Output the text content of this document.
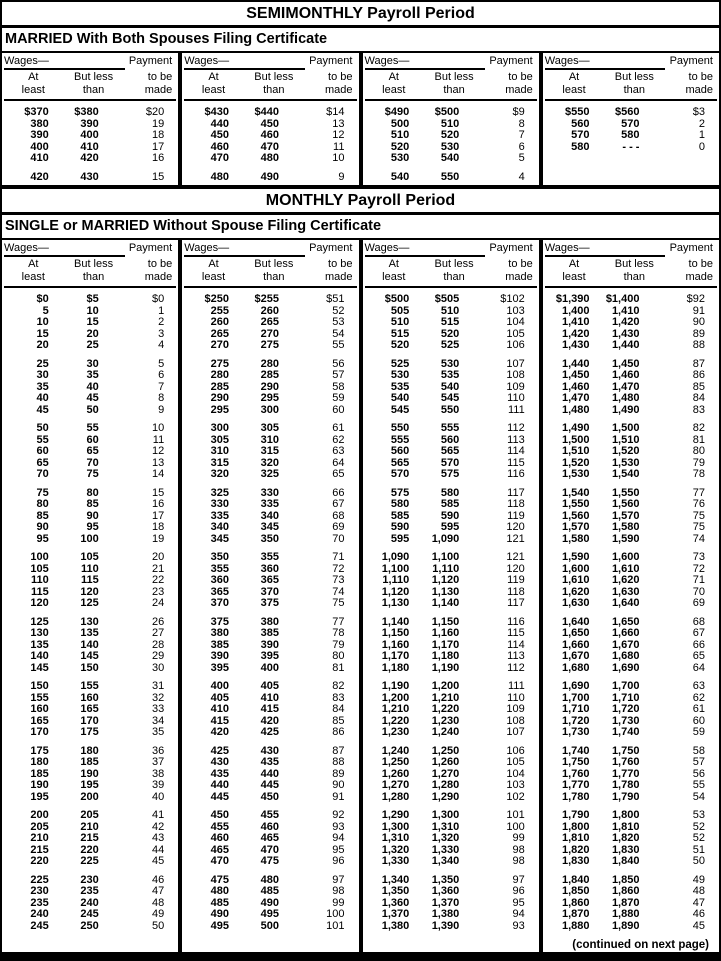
SEMIMONTHLY Payroll Period
MARRIED With Both Spouses Filing Certificate
Wages—	Payment
At
least
But less
than
to be
made
$370	$380	$20
380	390	19
390	400	18
400	410	17
410	420	16
420	430	15
Wages—	Payment
At
least
But less
than
to be
made
$430	$440	$14
440	450	13
450	460	12
460	470	11
470	480	10
480	490	9
Wages—	Payment
At
least
But less
than
to be
made
$490	$500	$9
500	510	8
510	520	7
520	530	6
530	540	5
540	550	4
Wages—	Payment
At
least
But less
than
to be
made
$550	$560	$3
560	570	2
570	580	1
580	- - -	0
MONTHLY Payroll Period
SINGLE or MARRIED Without Spouse Filing Certificate
(continued on next page)
Wages—	Payment
At
least
But less
than
to be
made
$0	$5	$0
5	10	1
10	15	2
15	20	3
20	25	4
25	30	5
30	35	6
35	40	7
40	45	8
45	50	9
50	55	10
55	60	11
60	65	12
65	70	13
70	75	14
75	80	15
80	85	16
85	90	17
90	95	18
95	100	19
100	105	20
105	110	21
110	115	22
115	120	23
120	125	24
125	130	26
130	135	27
135	140	28
140	145	29
145	150	30
150	155	31
155	160	32
160	165	33
165	170	34
170	175	35
175	180	36
180	185	37
185	190	38
190	195	39
195	200	40
200	205	41
205	210	42
210	215	43
215	220	44
220	225	45
225	230	46
230	235	47
235	240	48
240	245	49
245	250	50
Wages—	Payment
At
least
But less
than
to be
made
$250	$255	$51
255	260	52
260	265	53
265	270	54
270	275	55
275	280	56
280	285	57
285	290	58
290	295	59
295	300	60
300	305	61
305	310	62
310	315	63
315	320	64
320	325	65
325	330	66
330	335	67
335	340	68
340	345	69
345	350	70
350	355	71
355	360	72
360	365	73
365	370	74
370	375	75
375	380	77
380	385	78
385	390	79
390	395	80
395	400	81
400	405	82
405	410	83
410	415	84
415	420	85
420	425	86
425	430	87
430	435	88
435	440	89
440	445	90
445	450	91
450	455	92
455	460	93
460	465	94
465	470	95
470	475	96
475	480	97
480	485	98
485	490	99
490	495	100
495	500	101
Wages—	Payment
At
least
But less
than
to be
made
$500	$505	$102
505	510	103
510	515	104
515	520	105
520	525	106
525	530	107
530	535	108
535	540	109
540	545	110
545	550	111
550	555	112
555	560	113
560	565	114
565	570	115
570	575	116
575	580	117
580	585	118
585	590	119
590	595	120
595	1,090	121
1,090	1,100	121
1,100	1,110	120
1,110	1,120	119
1,120	1,130	118
1,130	1,140	117
1,140	1,150	116
1,150	1,160	115
1,160	1,170	114
1,170	1,180	113
1,180	1,190	112
1,190	1,200	111
1,200	1,210	110
1,210	1,220	109
1,220	1,230	108
1,230	1,240	107
1,240	1,250	106
1,250	1,260	105
1,260	1,270	104
1,270	1,280	103
1,280	1,290	102
1,290	1,300	101
1,300	1,310	100
1,310	1,320	99
1,320	1,330	98
1,330	1,340	98
1,340	1,350	97
1,350	1,360	96
1,360	1,370	95
1,370	1,380	94
1,380	1,390	93
Wages—	Payment
At
least
But less
than
to be
made
$1,390	$1,400	$92
1,400	1,410	91
1,410	1,420	90
1,420	1,430	89
1,430	1,440	88
1,440	1,450	87
1,450	1,460	86
1,460	1,470	85
1,470	1,480	84
1,480	1,490	83
1,490	1,500	82
1,500	1,510	81
1,510	1,520	80
1,520	1,530	79
1,530	1,540	78
1,540	1,550	77
1,550	1,560	76
1,560	1,570	75
1,570	1,580	75
1,580	1,590	74
1,590	1,600	73
1,600	1,610	72
1,610	1,620	71
1,620	1,630	70
1,630	1,640	69
1,640	1,650	68
1,650	1,660	67
1,660	1,670	66
1,670	1,680	65
1,680	1,690	64
1,690	1,700	63
1,700	1,710	62
1,710	1,720	61
1,720	1,730	60
1,730	1,740	59
1,740	1,750	58
1,750	1,760	57
1,760	1,770	56
1,770	1,780	55
1,780	1,790	54
1,790	1,800	53
1,800	1,810	52
1,810	1,820	52
1,820	1,830	51
1,830	1,840	50
1,840	1,850	49
1,850	1,860	48
1,860	1,870	47
1,870	1,880	46
1,880	1,890	45
